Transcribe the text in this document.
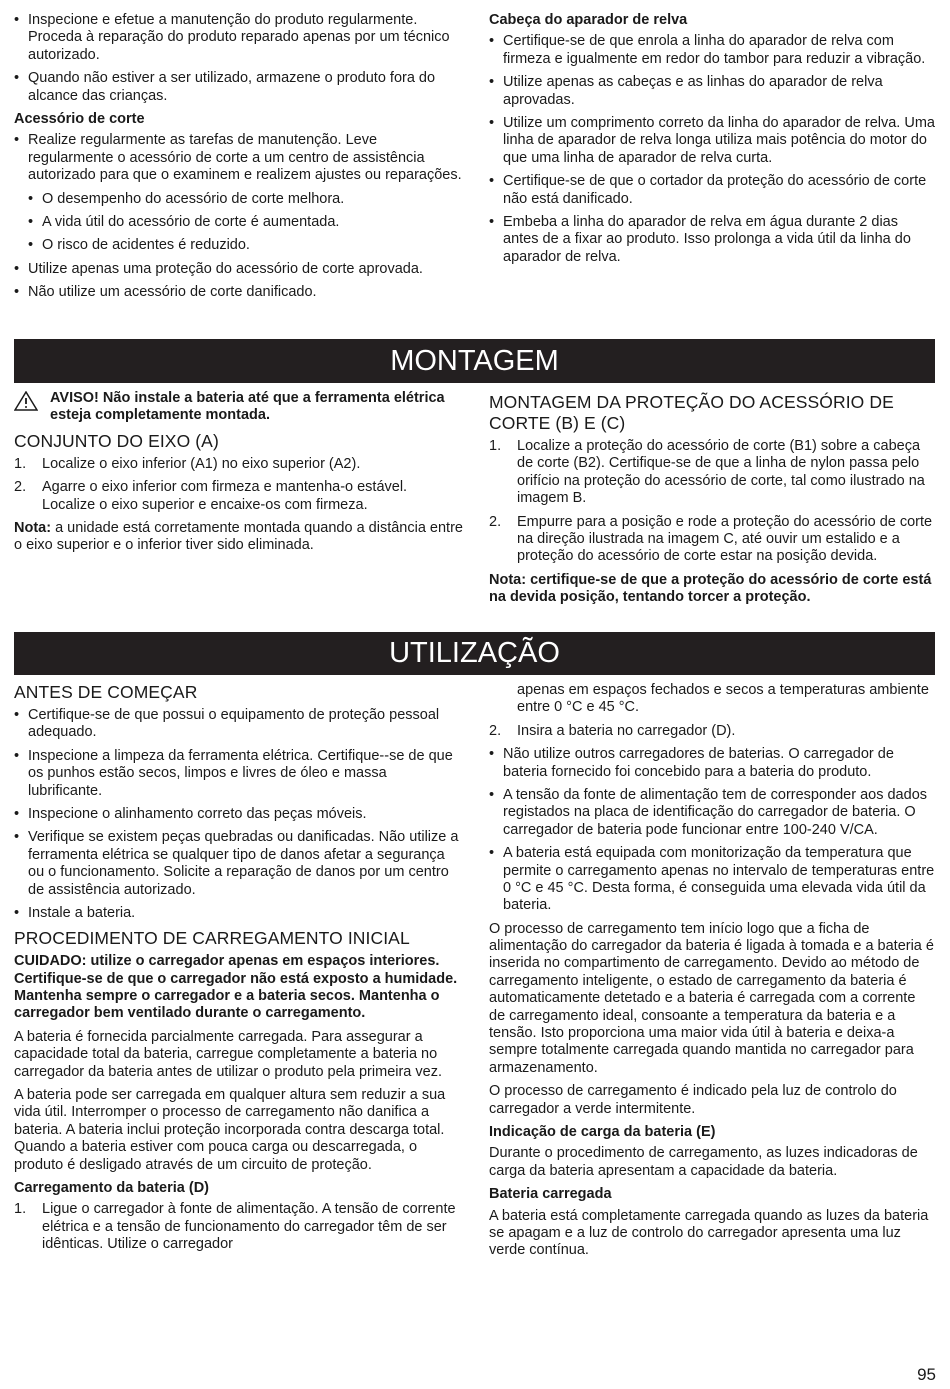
• Inspecione e efetue a manutenção do produto regularmente. Proceda à reparação do produto reparado apenas por um técnico autorizado.
• Quando não estiver a ser utilizado, armazene o produto fora do alcance das crianças.
Acessório de corte
• Realize regularmente as tarefas de manutenção. Leve regularmente o acessório de corte a um centro de assistência autorizado para que o examinem e realizem ajustes ou reparações.
• O desempenho do acessório de corte melhora.
• A vida útil do acessório de corte é aumentada.
• O risco de acidentes é reduzido.
• Utilize apenas uma proteção do acessório de corte aprovada.
• Não utilize um acessório de corte danificado.
Cabeça do aparador de relva
• Certifique-se de que enrola a linha do aparador de relva com firmeza e igualmente em redor do tambor para reduzir a vibração.
• Utilize apenas as cabeças e as linhas do aparador de relva aprovadas.
• Utilize um comprimento correto da linha do aparador de relva. Uma linha de aparador de relva longa utiliza mais potência do motor do que uma linha de aparador de relva curta.
• Certifique-se de que o cortador da proteção do acessório de corte não está danificado.
• Embeba a linha do aparador de relva em água durante 2 dias antes de a fixar ao produto. Isso prolonga a vida útil da linha do aparador de relva.
MONTAGEM
AVISO! Não instale a bateria até que a ferramenta elétrica esteja completamente montada.
CONJUNTO DO EIXO (A)
1. Localize o eixo inferior (A1) no eixo superior (A2).
2. Agarre o eixo inferior com firmeza e mantenha-o estável. Localize o eixo superior e encaixe-os com firmeza.
Nota: a unidade está corretamente montada quando a distância entre o eixo superior e o inferior tiver sido eliminada.
MONTAGEM DA PROTEÇÃO DO ACESSÓRIO DE CORTE (B) E (C)
1. Localize a proteção do acessório de corte (B1) sobre a cabeça de corte (B2). Certifique-se de que a linha de nylon passa pelo orifício na proteção do acessório de corte, tal como ilustrado na imagem B.
2. Empurre para a posição e rode a proteção do acessório de corte na direção ilustrada na imagem C, até ouvir um estalido e a proteção do acessório de corte estar na posição devida.
Nota: certifique-se de que a proteção do acessório de corte está na devida posição, tentando torcer a proteção.
UTILIZAÇÃO
ANTES DE COMEÇAR
• Certifique-se de que possui o equipamento de proteção pessoal adequado.
• Inspecione a limpeza da ferramenta elétrica. Certifique--se de que os punhos estão secos, limpos e livres de óleo e massa lubrificante.
• Inspecione o alinhamento correto das peças móveis.
• Verifique se existem peças quebradas ou danificadas. Não utilize a ferramenta elétrica se qualquer tipo de danos afetar a segurança ou o funcionamento. Solicite a reparação de danos por um centro de assistência autorizado.
• Instale a bateria.
PROCEDIMENTO DE CARREGAMENTO INICIAL
CUIDADO: utilize o carregador apenas em espaços interiores. Certifique-se de que o carregador não está exposto a humidade. Mantenha sempre o carregador e a bateria secos. Mantenha o carregador bem ventilado durante o carregamento.
A bateria é fornecida parcialmente carregada. Para assegurar a capacidade total da bateria, carregue completamente a bateria no carregador da bateria antes de utilizar o produto pela primeira vez.
A bateria pode ser carregada em qualquer altura sem reduzir a sua vida útil. Interromper o processo de carregamento não danifica a bateria. A bateria inclui proteção incorporada contra descarga total. Quando a bateria estiver com pouca carga ou descarregada, o produto é desligado através de um circuito de proteção.
Carregamento da bateria (D)
1. Ligue o carregador à fonte de alimentação. A tensão de corrente elétrica e a tensão de funcionamento do carregador têm de ser idênticas. Utilize o carregador
apenas em espaços fechados e secos a temperaturas ambiente entre 0 °C e 45 °C.
2. Insira a bateria no carregador (D).
• Não utilize outros carregadores de baterias. O carregador de bateria fornecido foi concebido para a bateria do produto.
• A tensão da fonte de alimentação tem de corresponder aos dados registados na placa de identificação do carregador de bateria. O carregador de bateria pode funcionar entre 100-240 V/CA.
• A bateria está equipada com monitorização da temperatura que permite o carregamento apenas no intervalo de temperaturas entre 0 °C e 45 °C. Desta forma, é conseguida uma elevada vida útil da bateria.
O processo de carregamento tem início logo que a ficha de alimentação do carregador da bateria é ligada à tomada e a bateria é inserida no compartimento de carregamento. Devido ao método de carregamento inteligente, o estado de carregamento da bateria é automaticamente detetado e a bateria é carregada com a corrente de carregamento ideal, consoante a temperatura da bateria e a tensão. Isto proporciona uma maior vida útil à bateria e deixa-a sempre totalmente carregada quando mantida no carregador para armazenamento.
O processo de carregamento é indicado pela luz de controlo do carregador a verde intermitente.
Indicação de carga da bateria (E)
Durante o procedimento de carregamento, as luzes indicadoras de carga da bateria apresentam a capacidade da bateria.
Bateria carregada
A bateria está completamente carregada quando as luzes da bateria se apagam e a luz de controlo do carregador apresenta uma luz verde contínua.
95
